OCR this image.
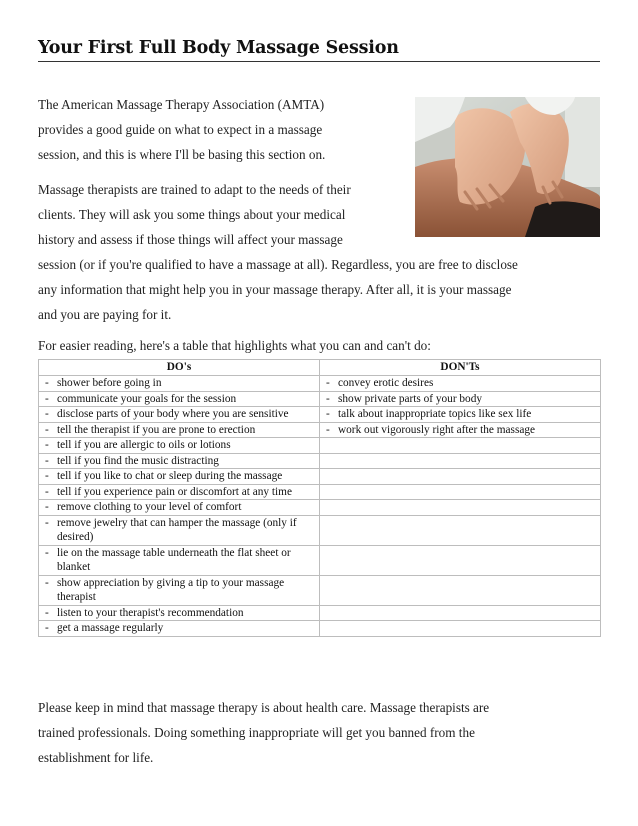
Your First Full Body Massage Session
The American Massage Therapy Association (AMTA)
provides a good guide on what to expect in a massage
session, and this is where I'll be basing this section on.
Massage therapists are trained to adapt to the needs of their
clients. They will ask you some things about your medical
history and assess if those things will affect your massage
session (or if you're qualified to have a massage at all). Regardless, you are free to disclose
any information that might help you in your massage therapy. After all, it is your massage
and you are paying for it.
For easier reading, here's a table that highlights what you can and can't do:
DO's	DON'Ts

- shower before going in	- convey erotic desires

- communicate your goals for the session	- show private parts of your body

- disclose parts of your body where you are sensitive	- talk about inappropriate topics like sex life

- tell the therapist if you are prone to erection	- work out vigorously right after the massage

- tell if you are allergic to oils or lotions	

- tell if you find the music distracting	

- tell if you like to chat or sleep during the massage	

- tell if you experience pain or discomfort at any time	

- remove clothing to your level of comfort	

- remove jewelry that can hamper the massage (only if desired)	

- lie on the massage table underneath the flat sheet or blanket	

- show appreciation by giving a tip to your massage therapist	

- listen to your therapist's recommendation	

- get a massage regularly	

Please keep in mind that massage therapy is about health care. Massage therapists are
trained professionals. Doing something inappropriate will get you banned from the
establishment for life.
